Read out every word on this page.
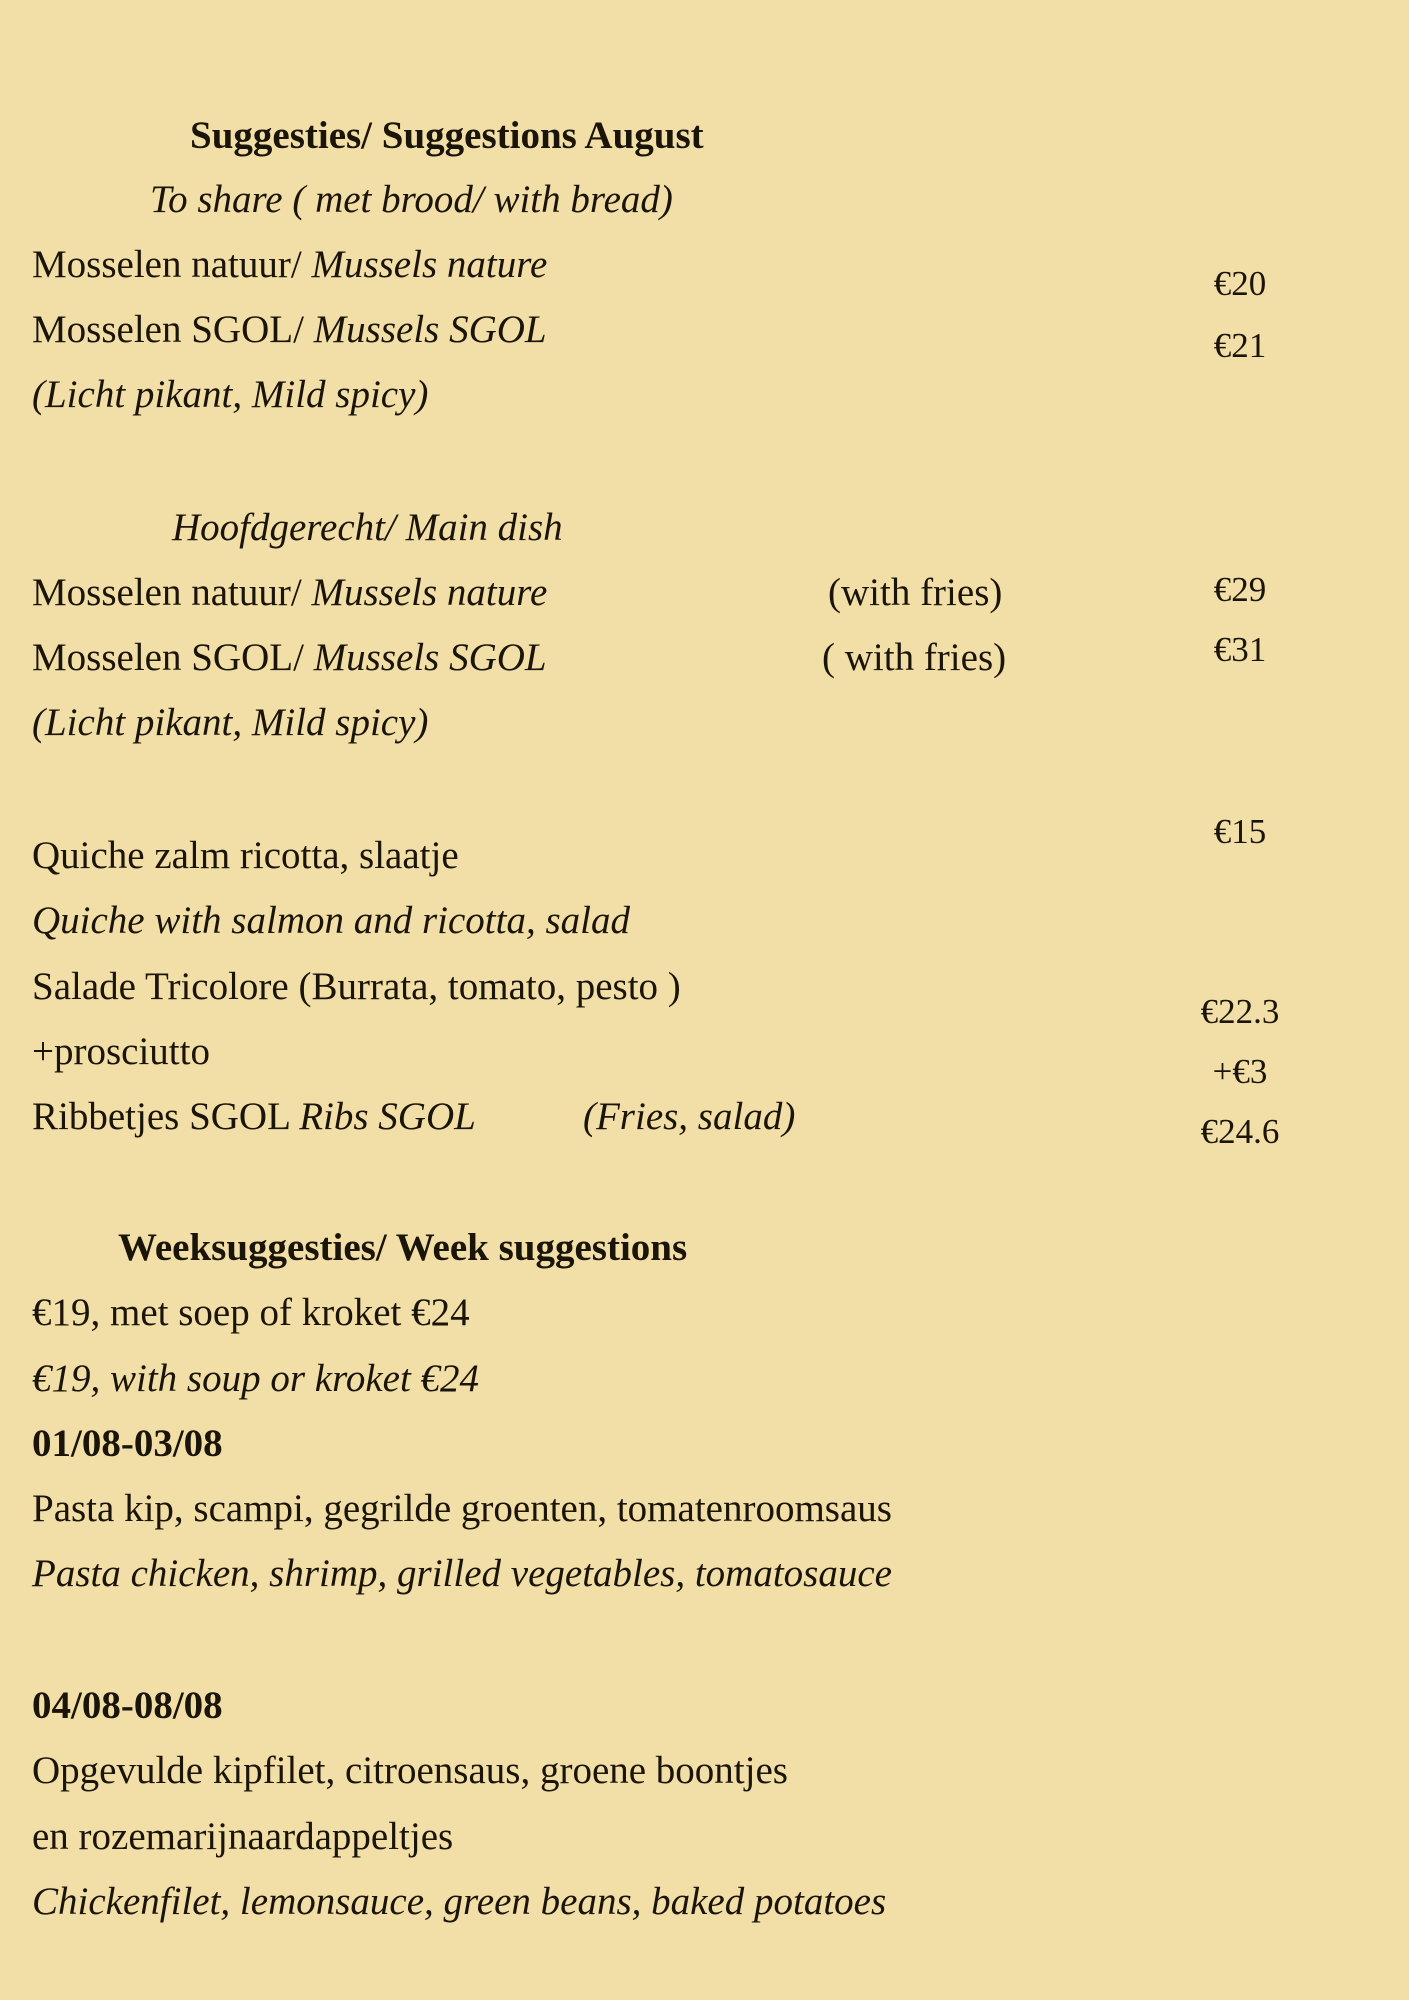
Suggesties/ Suggestions August
To share ( met brood/ with bread)
Mosselen natuur/ Mussels nature	€20
Mosselen SGOL/ Mussels SGOL	€21
(Licht pikant, Mild spicy)
Hoofdgerecht/ Main dish
Mosselen natuur/ Mussels nature	(with fries)	€29
Mosselen SGOL/ Mussels SGOL	( with fries)	€31
(Licht pikant, Mild spicy)
€15
Quiche zalm ricotta, slaatje
Quiche with salmon and ricotta, salad
Salade Tricolore (Burrata, tomato, pesto )
€22.3
+prosciutto	+€3
Ribbetjes SGOL Ribs SGOL	(Fries, salad)	€24.6
Weeksuggesties/ Week suggestions
€19, met soep of kroket €24
€19, with soup or kroket €24
01/08-03/08
Pasta kip, scampi, gegrilde groenten, tomatenroomsaus
Pasta chicken, shrimp, grilled vegetables, tomatosauce
04/08-08/08
Opgevulde kipfilet, citroensaus, groene boontjes
en rozemarijnaardappeltjes
Chickenfilet, lemonsauce, green beans, baked potatoes
